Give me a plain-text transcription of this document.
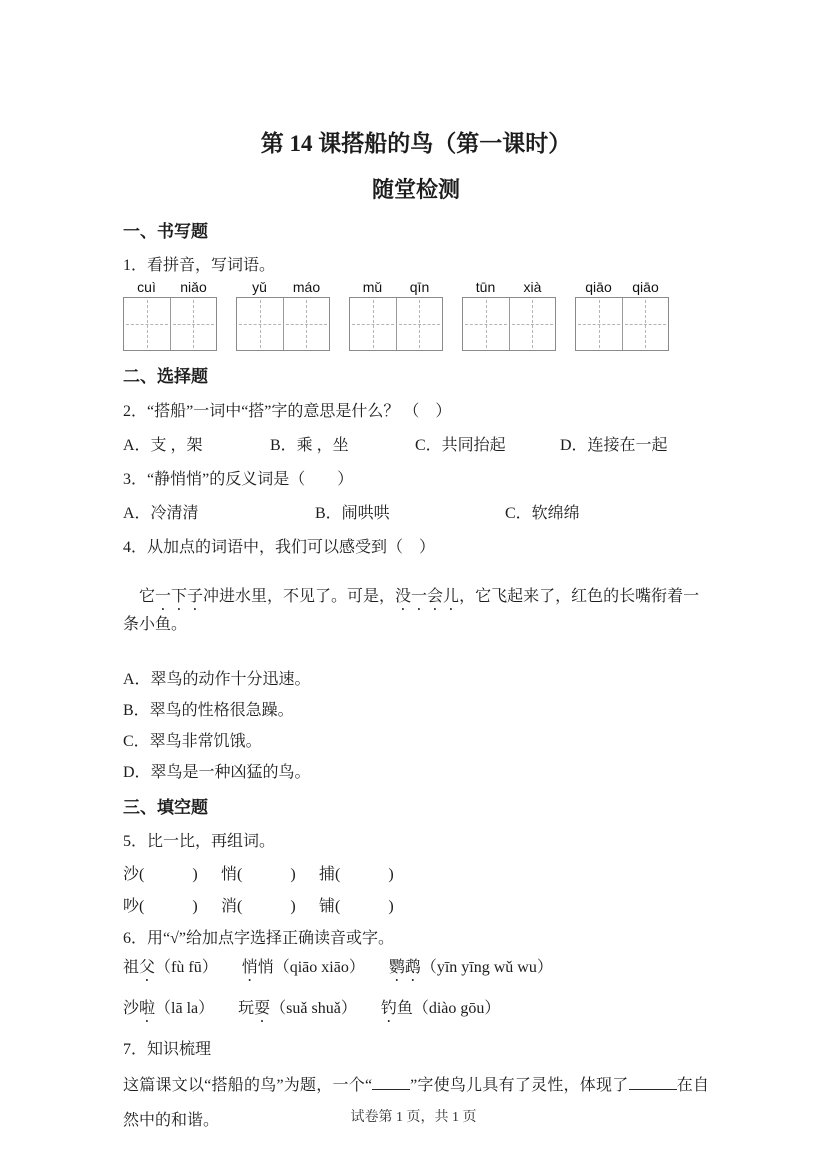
第 14 课搭船的鸟（第一课时）
随堂检测
一、书写题
1．看拼音，写词语。
cuì	niǎo	yǔ	máo	mǔ	qīn	tūn	xià	qiāo	qiāo
二、选择题
2．“搭船”一词中“搭”字的意思是什么？ （　）
A．支 ，架	B．乘 ，坐	C．共同抬起	D．连接在一起
3．“静悄悄”的反义词是（　　）
A．冷清清	B．闹哄哄	C．软绵绵
4．从加点的词语中，我们可以感受到（　）

它一下子冲进水里，不见了。可是，没一会儿，它飞起来了，红色的长嘴衔着一条小鱼。

A．翠鸟的动作十分迅速。
B．翠鸟的性格很急躁。
C．翠鸟非常饥饿。
D．翠鸟是一种凶猛的鸟。
三、填空题
5．比一比，再组词。
沙(　　　)	悄(　　　)	捕(　　　)
吵(　　　)	消(　　　)	铺(　　　)
6．用“√”给加点字选择正确读音或字。
祖父（fù fū） 悄悄（qiāo xiāo） 鹦鹉（yīn yīng wǔ wu）
沙啦（lā la） 玩耍（suǎ shuǎ） 钓鱼（diào gōu）
7．知识梳理
这篇课文以“搭船的鸟”为题，一个“ ”字使鸟儿具有了灵性，体现了	在自然中的和谐。	试卷第 1 页，共 1 页
